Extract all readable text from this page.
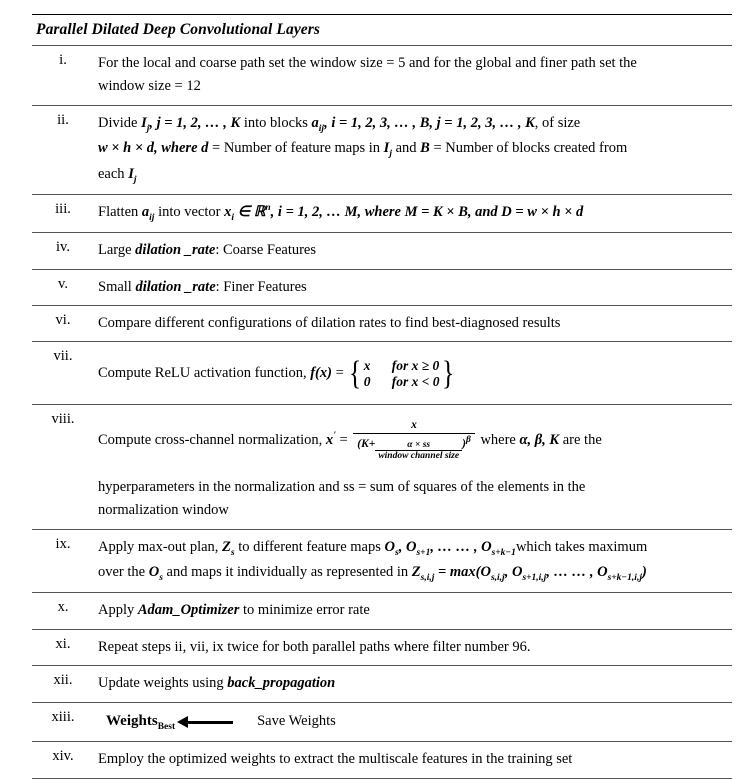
Parallel Dilated Deep Convolutional Layers	
i.	For the local and coarse path set the window size = 5 and for the global and finer path set the
window size = 12

ii.	Divide $I_j$, j = 1, 2, … , K into blocks $a_{ij}$, i = 1, 2, 3, … , B, j = 1, 2, 3, … , K, of size
w × h × d, where d = Number of feature maps in $I_j$ and B = Number of blocks created from
each $I_j$

iii.	Flatten $a_{ij}$ into vector $x_i$ ∈ ℝ$^n$, i = 1, 2, … M, where M = K × B, and D = w × h × d

iv.	Large dilation _rate: Coarse Features
v.	Small dilation _rate: Finer Features
vi.	Compare different configurations of dilation rates to find best-diagnosed results
vii.	Compute ReLU activation function, f(x) = { x for x ≥ 0
0 for x < 0 }

viii.	
Compute cross-channel normalization, $x' = \frac{x}{(K+ \frac{\alpha \times ss}{\text{window channel size}} )^\beta}$ where α, β, K are the
hyperparameters in the normalization and ss = sum of squares of the elements in the
normalization window

ix.	Apply max-out plan, $Z_s$ to different feature maps $O_s$, $O_{s+1}$, … … , $O_{s+k-1}which$ takes maximum
over the $O_s$ and maps it individually as represented in $Z_{s,i,j} = \max(O_{s,i,j}$, $O_{s+1,i,j}$, … … , $O_{s+k-1,i,j}$)

x.	Apply Adam_Optimizer to minimize error rate
xi.	Repeat steps ii, vii, ix twice for both parallel paths where filter number 96.
xii.	Update weights using back_propagation
xiii.	Weights$_{Best}$ Save Weights

xiv.	Employ the optimized weights to extract the multiscale features in the training set
